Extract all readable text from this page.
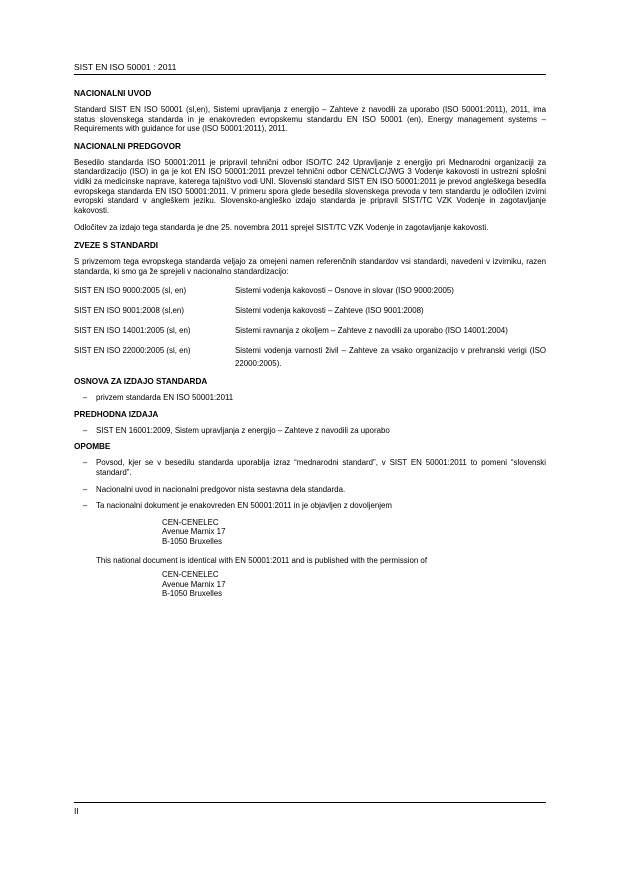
SIST EN ISO 50001 : 2011
NACIONALNI UVOD

Standard SIST EN ISO 50001 (sl,en), Sistemi upravljanja z energijo – Zahteve z navodili za uporabo (ISO 50001:2011), 2011, ima status slovenskega standarda in je enakovreden evropskemu standardu EN ISO 50001 (en), Energy management systems – Requirements with guidance for use (ISO 50001:2011), 2011.

NACIONALNI PREDGOVOR

Besedilo standarda ISO 50001:2011 je pripravil tehnični odbor ISO/TC 242 Upravljanje z energijo pri Mednarodni organizaciji za standardizacijo (ISO) in ga je kot EN ISO 50001:2011 prevzel tehnični odbor CEN/CLC/JWG 3 Vodenje kakovosti in ustrezni splošni vidiki za medicinske naprave, katerega tajništvo vodi UNI. Slovenski standard SIST EN ISO 50001:2011 je prevod angleškega besedila evropskega standarda EN ISO 50001:2011. V primeru spora glede besedila slovenskega prevoda v tem standardu je odločilen izvirni evropski standard v angleškem jeziku. Slovensko-angleško izdajo standarda je pripravil SIST/TC VZK Vodenje in zagotavljanje kakovosti.

Odločitev za izdajo tega standarda je dne 25. novembra 2011 sprejel SIST/TC VZK Vodenje in zagotavljanje kakovosti.

ZVEZE S STANDARDI

S privzemom tega evropskega standarda veljajo za omejeni namen referenčnih standardov vsi standardi, navedeni v izvirniku, razen standarda, ki smo ga že sprejeli v nacionalno standardizacijo:

SIST EN ISO 9000:2005 (sl, en)	Sistemi vodenja kakovosti – Osnove in slovar (ISO 9000:2005)
SIST EN ISO 9001:2008 (sl,en)	Sistemi vodenja kakovosti – Zahteve (ISO 9001:2008)
SIST EN ISO 14001:2005 (sl, en)	Sistemi ravnanja z okoljem – Zahteve z navodili za uporabo (ISO 14001:2004)
SIST EN ISO 22000:2005 (sl, en)	Sistemi vodenja varnosti živil – Zahteve za vsako organizacijo v prehranski verigi (ISO 22000:2005).
OSNOVA ZA IZDAJO STANDARDA
–	privzem standarda EN ISO 50001:2011
PREDHODNA IZDAJA
–	SIST EN 16001:2009, Sistem upravljanja z energijo – Zahteve z navodili za uporabo
OPOMBE
–	Povsod, kjer se v besedilu standarda uporablja izraz “mednarodni standard”, v SIST EN 50001:2011 to pomeni “slovenski standard”.
–	Nacionalni uvod in nacionalni predgovor nista sestavna dela standarda.
–	Ta nacionalni dokument je enakovreden EN 50001:2011 in je objavljen z dovoljenjem
CEN-CENELEC
Avenue Marnix 17
B-1050 Bruxelles
This national document is identical with EN 50001:2011 and is published with the permission of
CEN-CENELEC
Avenue Marnix 17
B-1050 Bruxelles
II
